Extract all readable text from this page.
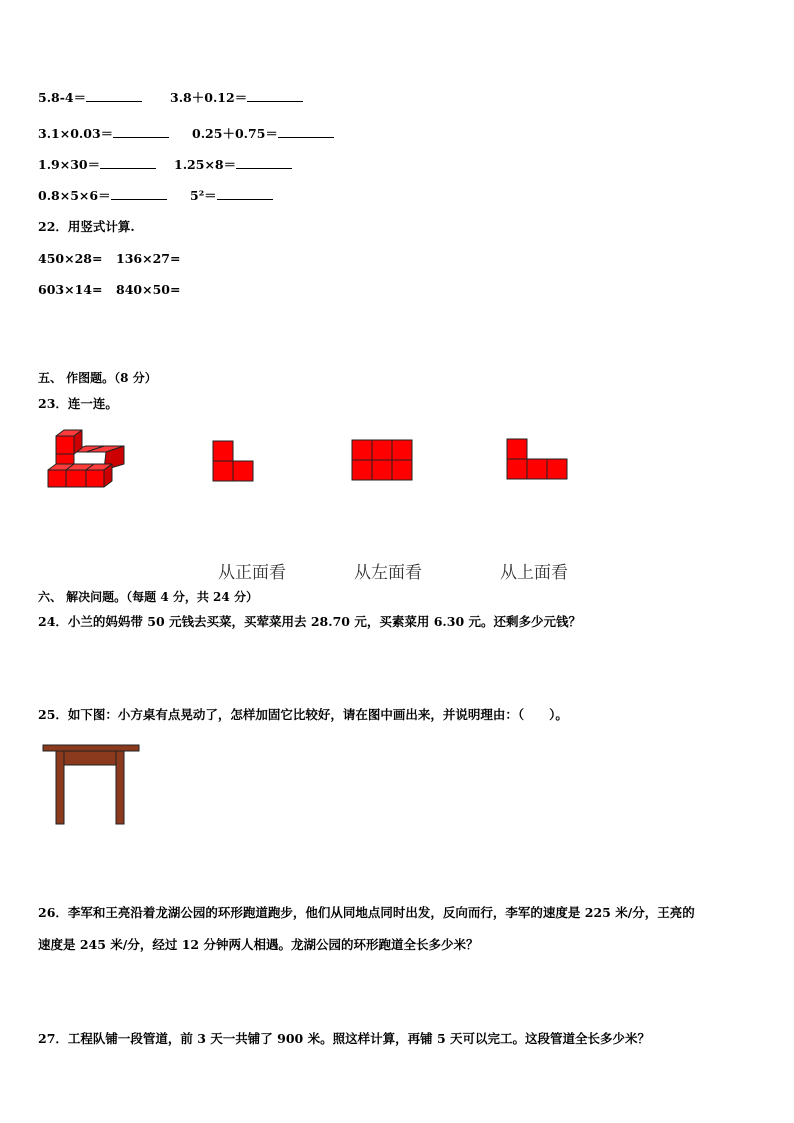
5.8-4＝	3.8＋0.12＝
3.1×0.03＝	0.25＋0.75＝
1.9×30＝	1.25×8＝
0.8×5×6＝	5²＝
22．用竖式计算.
450×28= 136×27=
603×14= 840×50=
五、 作图题。（8 分）
23．连一连。
从正面看	从左面看	从上面看
六、 解决问题。（每题 4 分，共 24 分）
24．小兰的妈妈带 50 元钱去买菜，买荤菜用去 28.70 元，买素菜用 6.30 元。还剩多少元钱？
25．如下图：小方桌有点晃动了，怎样加固它比较好，请在图中画出来，并说明理由：（　　）。
26．李军和王亮沿着龙湖公园的环形跑道跑步，他们从同地点同时出发，反向而行，李军的速度是 225 米/分，王亮的
速度是 245 米/分，经过 12 分钟两人相遇。龙湖公园的环形跑道全长多少米？
27．工程队铺一段管道，前 3 天一共铺了 900 米。照这样计算，再铺 5 天可以完工。这段管道全长多少米？
